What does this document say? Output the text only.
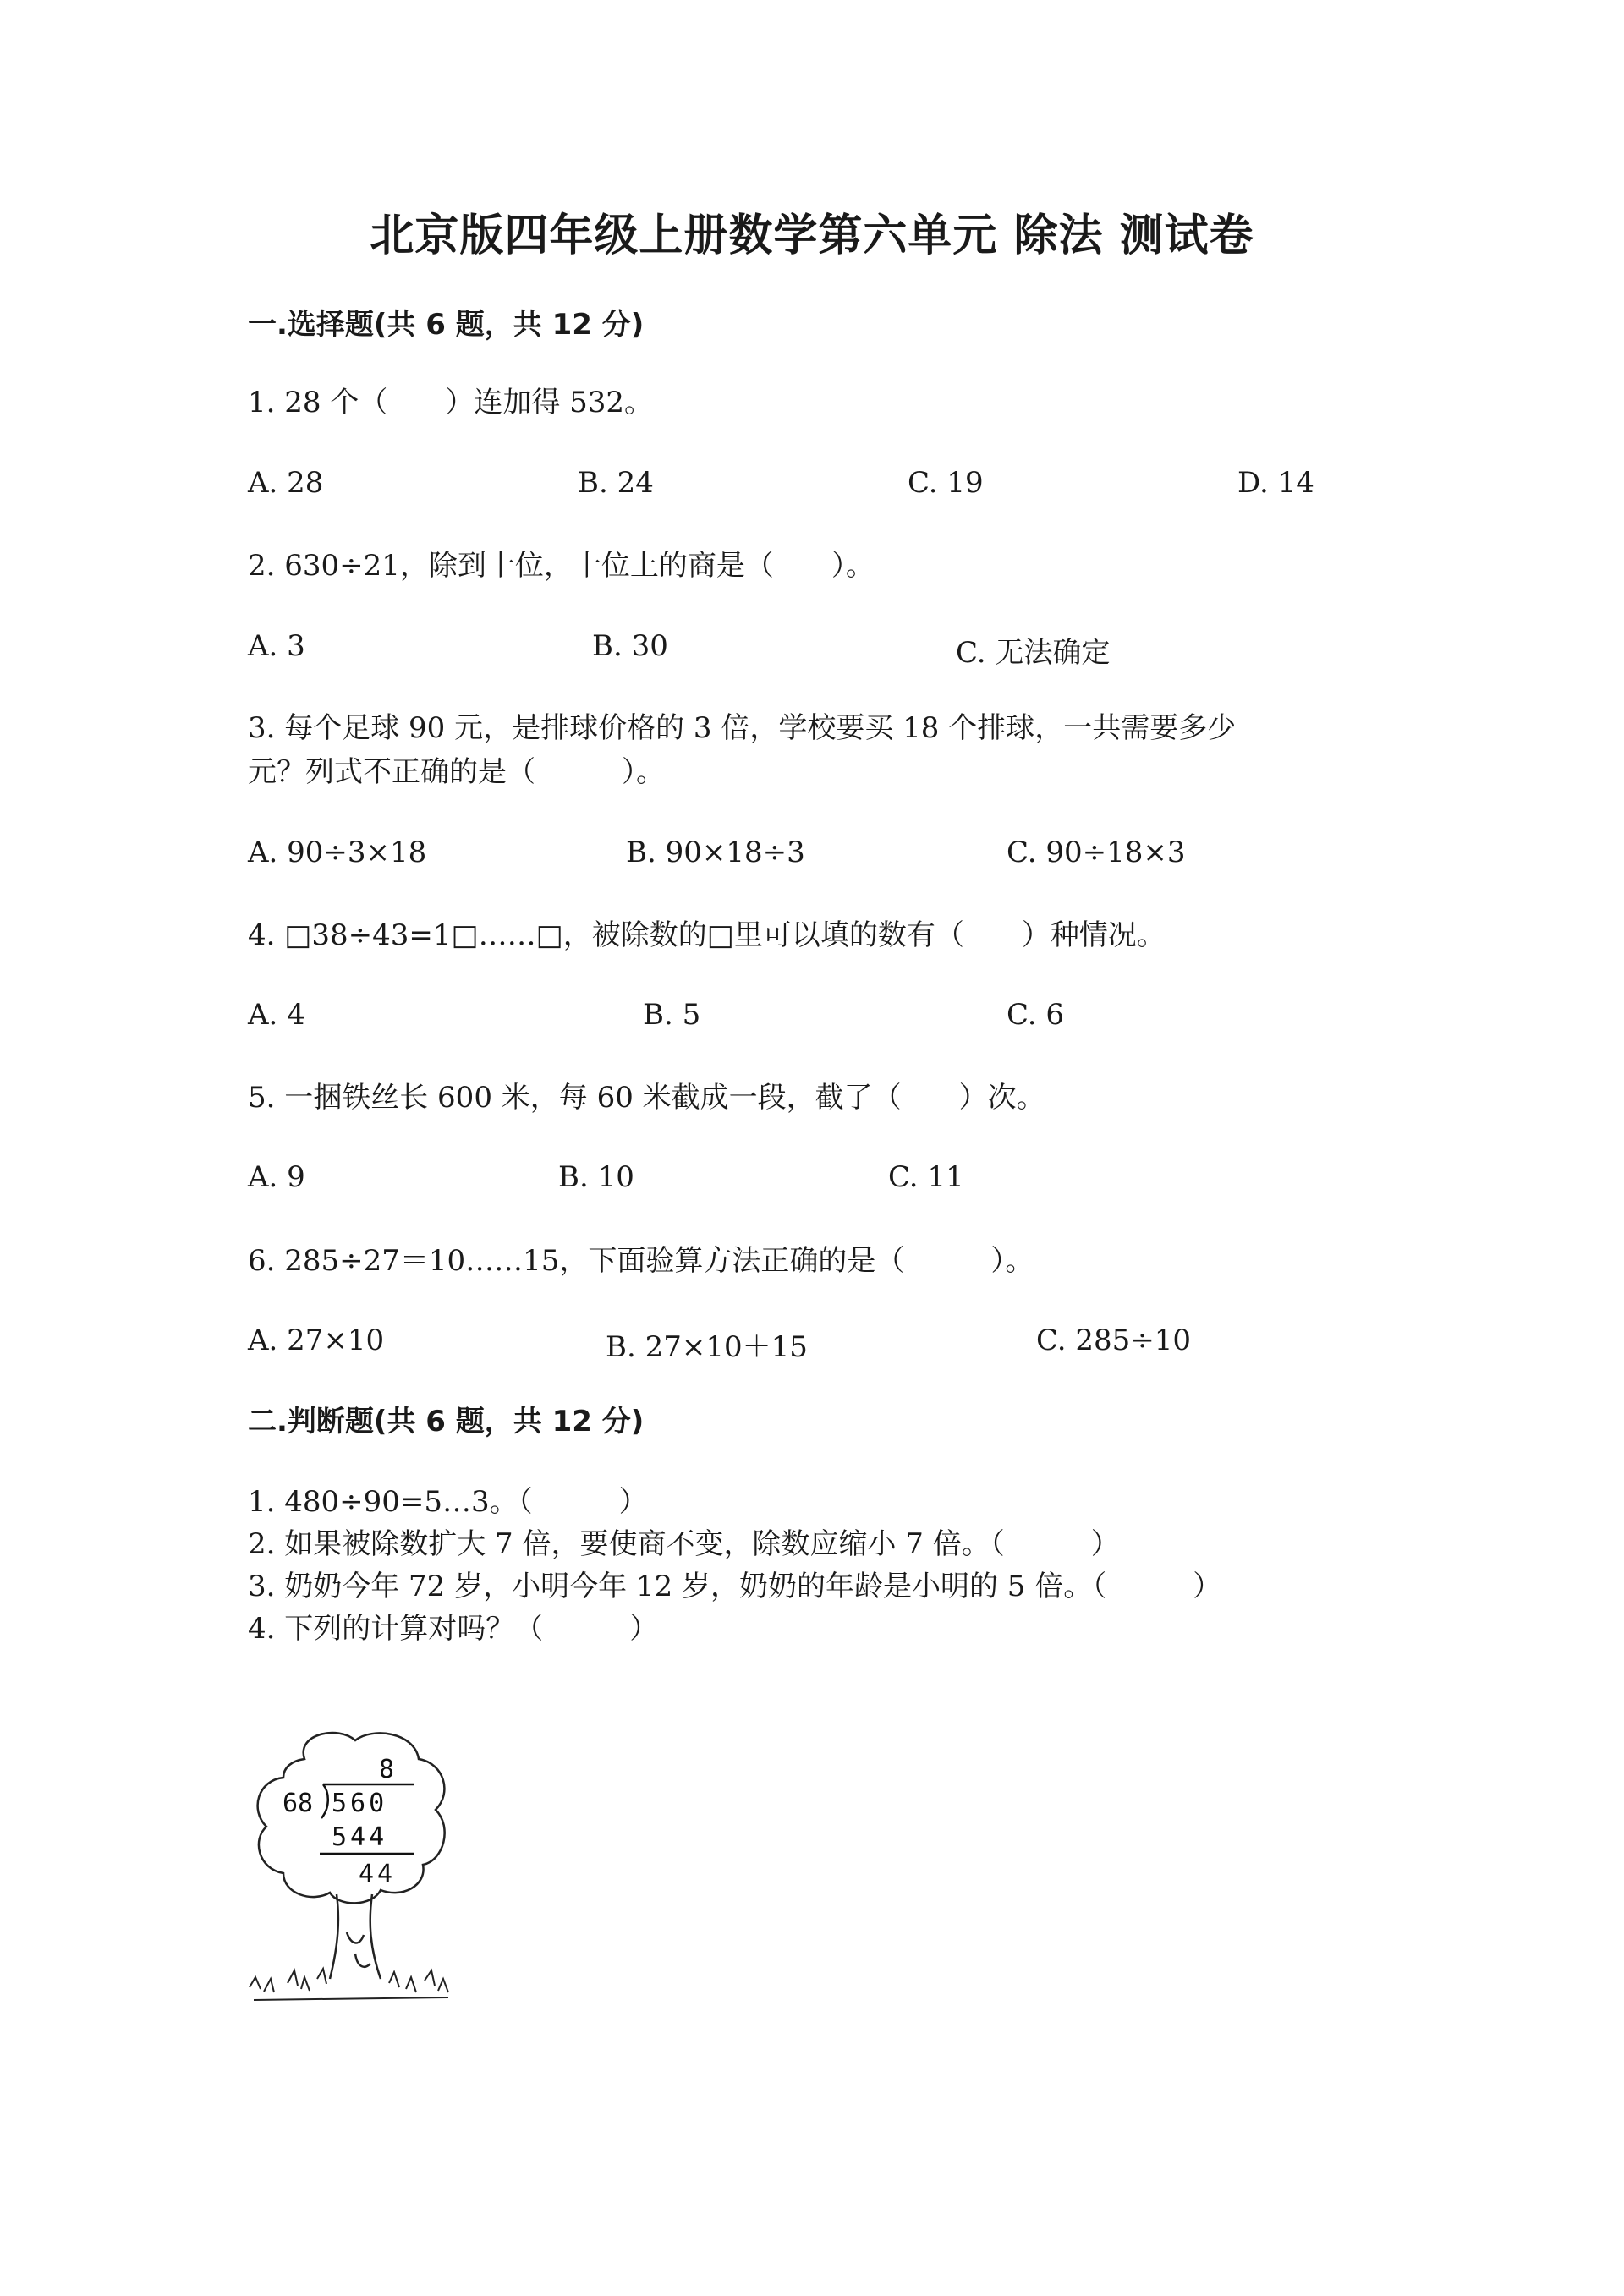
北京版四年级上册数学第六单元 除法 测试卷
一.选择题(共 6 题，共 12 分)
1. 28 个（　　）连加得 532。
A. 28	B. 24	C. 19	D. 14
2. 630÷21，除到十位，十位上的商是（　　）。
A. 3	B. 30	C. 无法确定
3. 每个足球 90 元，是排球价格的 3 倍，学校要买 18 个排球，一共需要多少
元？列式不正确的是（　　　）。
A. 90÷3×18	B. 90×18÷3	C. 90÷18×3
4. □38÷43=1□……□，被除数的□里可以填的数有（　　）种情况。
A. 4	B. 5	C. 6
5. 一捆铁丝长 600 米，每 60 米截成一段，截了（　　）次。
A. 9	B. 10	C. 11
6. 285÷27＝10……15，下面验算方法正确的是（　　　）。
A. 27×10	B. 27×10＋15	C. 285÷10
二.判断题(共 6 题，共 12 分)
1. 480÷90=5…3。（　　　）
2. 如果被除数扩大 7 倍，要使商不变，除数应缩小 7 倍。（　　　）
3. 奶奶今年 72 岁，小明今年 12 岁，奶奶的年龄是小明的 5 倍。（　　　）
4. 下列的计算对吗？（　　　）
8
68 560
544
44
